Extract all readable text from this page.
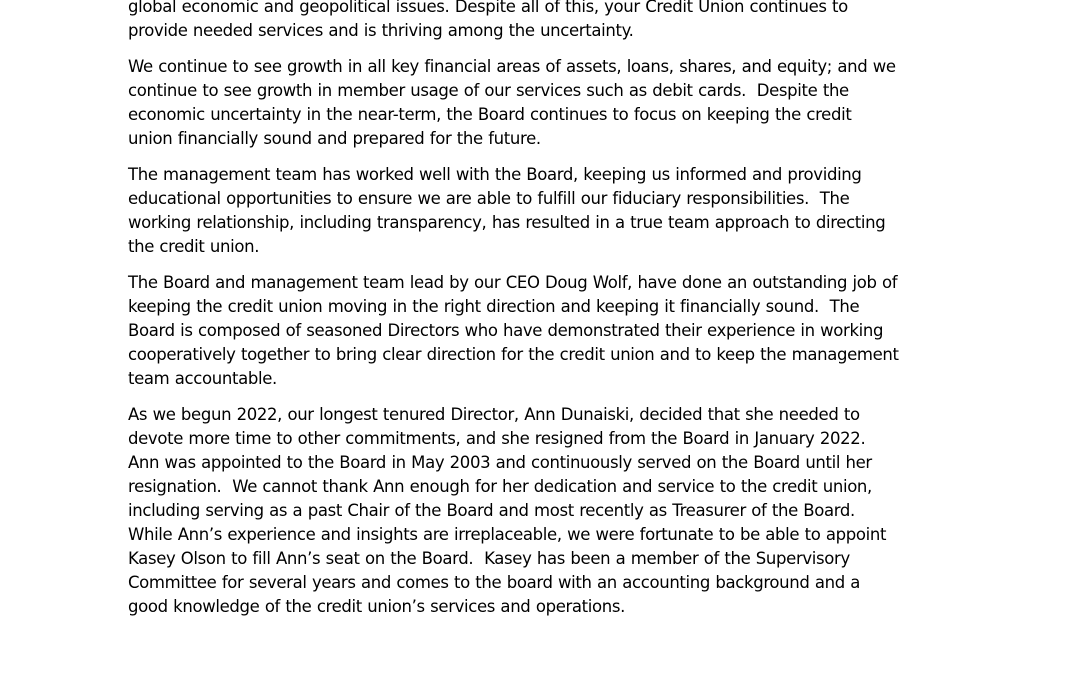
global economic and geopolitical issues. Despite all of this, your Credit Union continues to
provide needed services and is thriving among the uncertainty.
We continue to see growth in all key financial areas of assets, loans, shares, and equity; and we
continue to see growth in member usage of our services such as debit cards.  Despite the
economic uncertainty in the near-term, the Board continues to focus on keeping the credit
union financially sound and prepared for the future.
The management team has worked well with the Board, keeping us informed and providing
educational opportunities to ensure we are able to fulfill our fiduciary responsibilities.  The
working relationship, including transparency, has resulted in a true team approach to directing
the credit union.
The Board and management team lead by our CEO Doug Wolf, have done an outstanding job of
keeping the credit union moving in the right direction and keeping it financially sound.  The
Board is composed of seasoned Directors who have demonstrated their experience in working
cooperatively together to bring clear direction for the credit union and to keep the management
team accountable.
As we begun 2022, our longest tenured Director, Ann Dunaiski, decided that she needed to
devote more time to other commitments, and she resigned from the Board in January 2022.
Ann was appointed to the Board in May 2003 and continuously served on the Board until her
resignation.  We cannot thank Ann enough for her dedication and service to the credit union,
including serving as a past Chair of the Board and most recently as Treasurer of the Board.
While Ann’s experience and insights are irreplaceable, we were fortunate to be able to appoint
Kasey Olson to fill Ann’s seat on the Board.  Kasey has been a member of the Supervisory
Committee for several years and comes to the board with an accounting background and a
good knowledge of the credit union’s services and operations.
